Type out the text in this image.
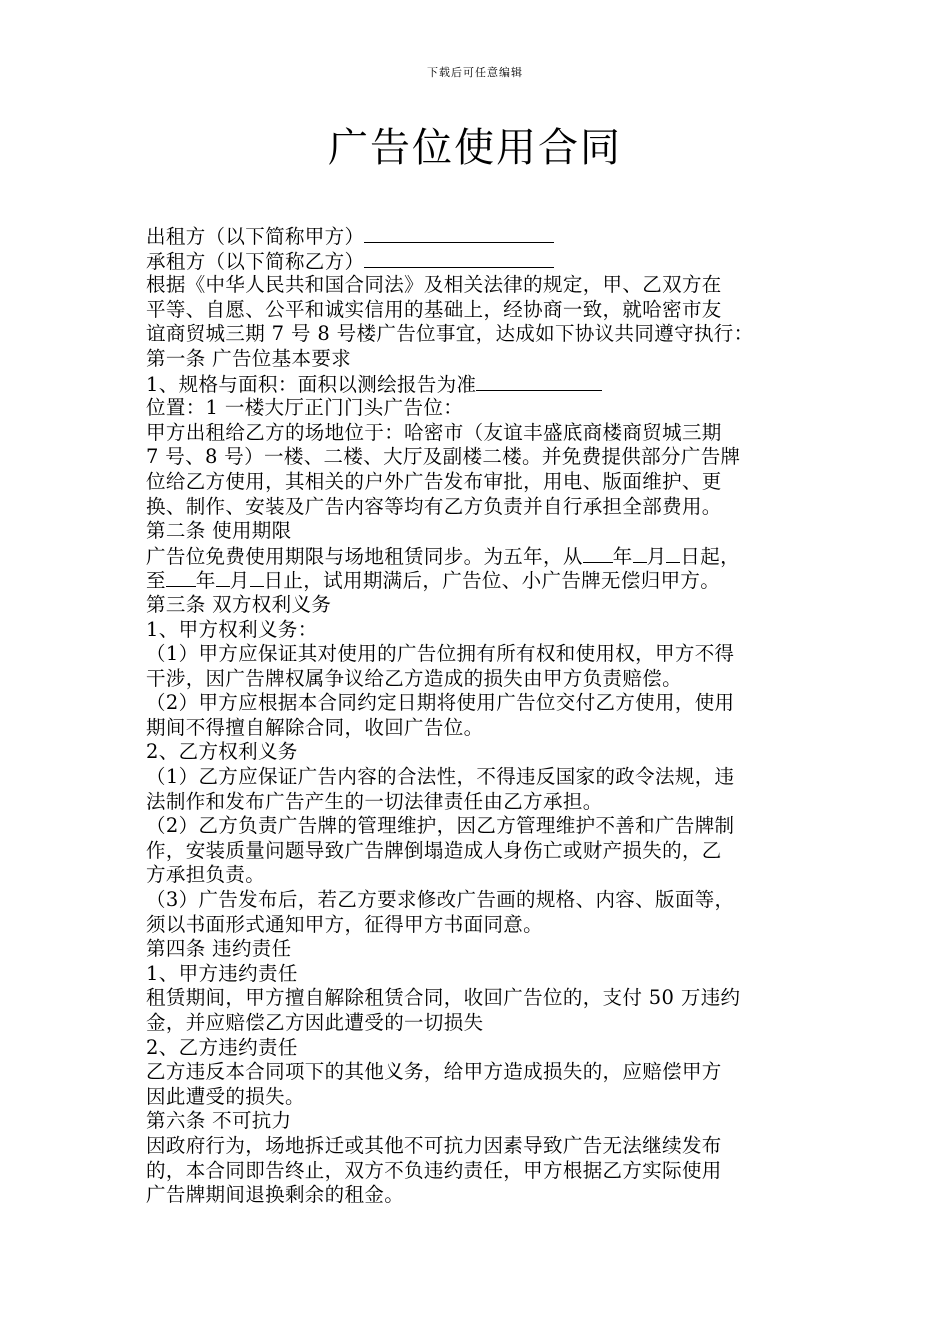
下载后可任意编辑
广告位使用合同
出租方（以下简称甲方）
承租方（以下简称乙方）
根据《中华人民共和国合同法》及相关法律的规定，甲、乙双方在
平等、自愿、公平和诚实信用的基础上，经协商一致，就哈密市友
谊商贸城三期 7 号 8 号楼广告位事宜，达成如下协议共同遵守执行：
第一条 广告位基本要求
1、规格与面积：面积以测绘报告为准
位置：1 一楼大厅正门门头广告位：
甲方出租给乙方的场地位于：哈密市（友谊丰盛底商楼商贸城三期
7 号、8 号）一楼、二楼、大厅及副楼二楼。并免费提供部分广告牌
位给乙方使用，其相关的户外广告发布审批，用电、版面维护、更
换、制作、安装及广告内容等均有乙方负责并自行承担全部费用。
第二条 使用期限
广告位免费使用期限与场地租赁同步。为五年，从 年 月 日起，
至 年 月 日止，试用期满后，广告位、小广告牌无偿归甲方。
第三条 双方权利义务
1、甲方权利义务：
（1）甲方应保证其对使用的广告位拥有所有权和使用权，甲方不得
干涉，因广告牌权属争议给乙方造成的损失由甲方负责赔偿。
（2）甲方应根据本合同约定日期将使用广告位交付乙方使用，使用
期间不得擅自解除合同，收回广告位。
2、乙方权利义务
（1）乙方应保证广告内容的合法性，不得违反国家的政令法规，违
法制作和发布广告产生的一切法律责任由乙方承担。
（2）乙方负责广告牌的管理维护，因乙方管理维护不善和广告牌制
作，安装质量问题导致广告牌倒塌造成人身伤亡或财产损失的，乙
方承担负责。
（3）广告发布后，若乙方要求修改广告画的规格、内容、版面等，
须以书面形式通知甲方，征得甲方书面同意。
第四条 违约责任
1、甲方违约责任
租赁期间，甲方擅自解除租赁合同，收回广告位的，支付 50 万违约
金，并应赔偿乙方因此遭受的一切损失
2、乙方违约责任
乙方违反本合同项下的其他义务，给甲方造成损失的，应赔偿甲方
因此遭受的损失。
第六条 不可抗力
因政府行为，场地拆迁或其他不可抗力因素导致广告无法继续发布
的，本合同即告终止，双方不负违约责任，甲方根据乙方实际使用
广告牌期间退换剩余的租金。
